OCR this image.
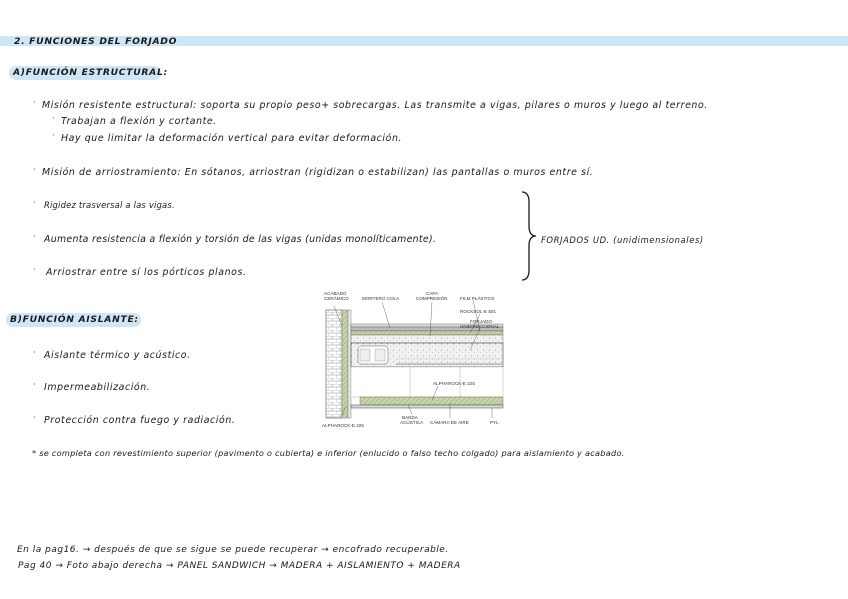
2. FUNCIONES DEL FORJADO
A)FUNCIÓN ESTRUCTURAL:
· Misión resistente estructural: soporta su propio peso+ sobrecargas. Las transmite a vigas, pilares o muros y luego al terreno.
· Trabajan a flexión y cortante.
· Hay que limitar la deformación vertical para evitar deformación.
· Misión de arriostramiento: En sótanos, arriostran (rigidizan o estabilizan) las pantallas o muros entre sí.
· Rigidez trasversal a las vigas.
· Aumenta resistencia a flexión y torsión de las vigas (unidas monolíticamente).
· Arriostrar entre sí los pórticos planos.
FORJADOS UD. (unidimensionales)
B)FUNCIÓN AISLANTE:
· Aislante térmico y acústico.
· Impermeabilización.
· Protección contra fuego y radiación.
ACABADO
CERÁMICO	MORTERO COLA
CAPA
COMPRESIÓN	FILM PLÁSTICO
ROCKSOL-E 501
FORJADO
UNIDIRECCIONAL
ALPHAROCK-E 225
ALPHAROCK-E 225
BANDA
ACÚSTICA CÁMARA DE AIRE	PYL
* se completa con revestimiento superior (pavimento o cubierta) e inferior (enlucido o falso techo colgado) para aislamiento y acabado.
En la pag16. → después de que se sigue se puede recuperar → encofrado recuperable.
Pag 40 → Foto abajo derecha → PANEL SANDWICH → MADERA + AISLAMIENTO + MADERA
